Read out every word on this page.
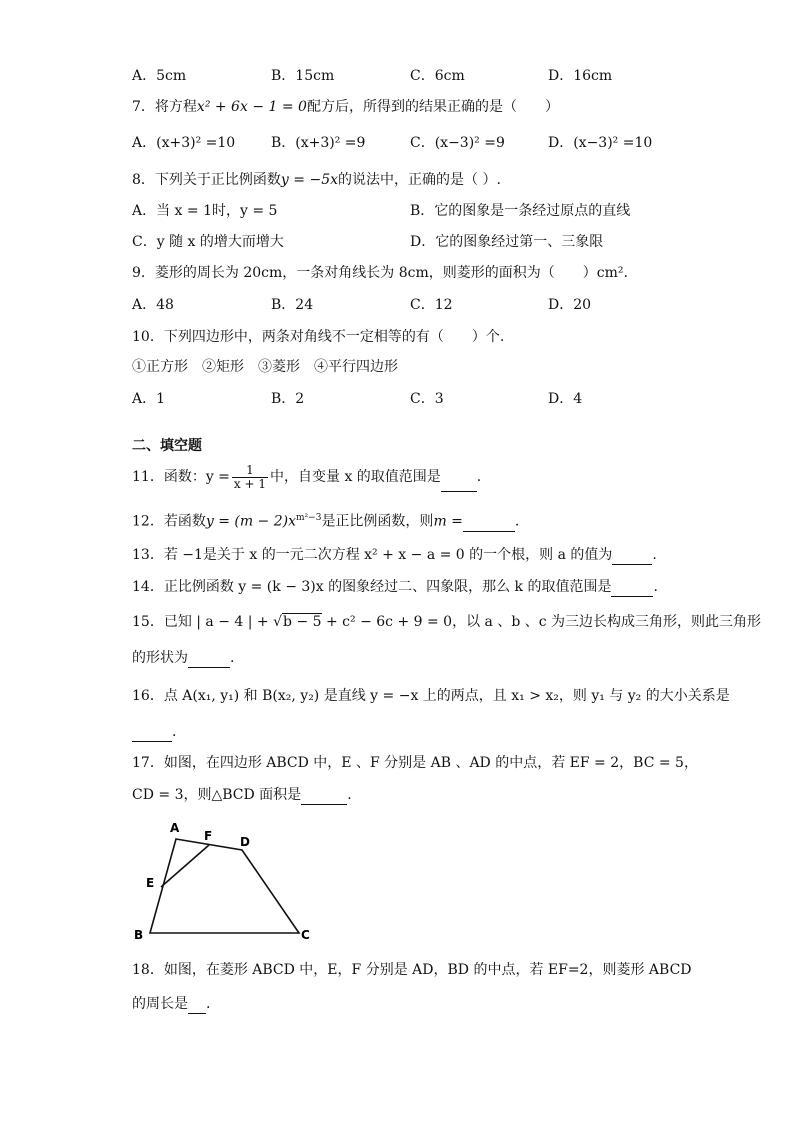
A．5cm	B．15cm	C．6cm	D．16cm
7．将方程x² + 6x − 1 = 0配方后，所得到的结果正确的是（　　）
A．(x+3)² =10	B．(x+3)² =9	C．(x−3)² =9	D．(x−3)² =10
8．下列关于正比例函数y = −5x的说法中，正确的是（ ）.
A．当 x = 1时，y = 5	B．它的图象是一条经过原点的直线
C．y 随 x 的增大而增大	D．它的图象经过第一、三象限
9．菱形的周长为 20cm，一条对角线长为 8cm，则菱形的面积为（　　）cm².
A．48	B．24	C．12	D．20
10．下列四边形中，两条对角线不一定相等的有（　　）个.
①正方形　②矩形　③菱形　④平行四边形
A．1	B．2	C．3	D．4
二、填空题
11．函数：$y = \frac{1}{x + 1}$ 中，自变量 x 的取值范围是	.
12．若函数$y = (m - 2)x^{m^2-3}$是正比例函数，则m =	.
13．若 −1是关于 x 的一元二次方程 x² + x − a = 0 的一个根，则 a 的值为	.
14．正比例函数 y = (k − 3)x 的图象经过二、四象限，那么 k 的取值范围是	.
15．已知 | a − 4 | + √b − 5 + c² − 6c + 9 = 0，以 a 、b 、c 为三边长构成三角形，则此三角形
的形状为	.
16．点 A(x₁, y₁) 和 B(x₂, y₂) 是直线 y = −x 上的两点，且 x₁ > x₂，则 y₁ 与 y₂ 的大小关系是
.
17．如图，在四边形 ABCD 中，E 、F 分别是 AB 、AD 的中点，若 EF = 2，BC = 5，
CD = 3，则△BCD 面积是	.
A
F D
E
B	C
18．如图，在菱形 ABCD 中，E，F 分别是 AD，BD 的中点，若 EF=2，则菱形 ABCD
的周长是 .
